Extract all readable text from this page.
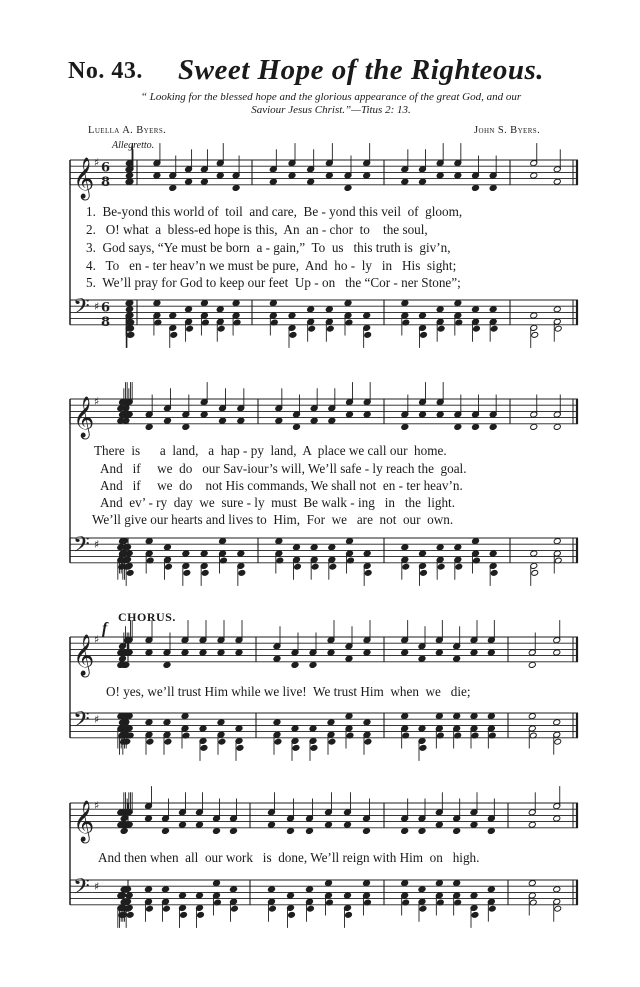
No. 43. Sweet Hope of the Righteous.
“ Looking for the blessed hope and the glorious appearance of the great God, and our
Saviour Jesus Christ.”—Titus 2: 13.
Luella A. Byers.	John S. Byers.
Allegretto.
𝄞 ♯ 6
8
𝄢 ♯ 6
8
𝄞 ♯
𝄢 ♯
𝄞 ♯
𝄢 ♯
𝄞 ♯
𝄢 ♯
1.  Be-yond this world of  toil  and care,  Be - yond this veil  of  gloom,
2.   O! what  a  bless-ed hope is this,  An  an - chor  to    the soul,
3.  God says, “Ye must be born  a - gain,”  To  us   this truth is  giv’n,
4.   To   en - ter heav’n we must be pure,  And  ho -  ly   in   His  sight;
5.  We’ll pray for God to keep our feet  Up - on   the “Cor - ner Stone”;
There  is      a  land,   a  hap - py  land,  A  place we call our  home.
And   if     we  do   our Sav-iour’s will, We’ll safe - ly reach the  goal.
And   if     we  do    not His commands, We shall not  en - ter heav’n.
And  ev’ - ry  day  we  sure - ly  must  Be walk - ing   in   the  light.
We’ll give our hearts and lives to  Him,  For  we   are  not  our  own.
CHORUS.
f
O! yes, we’ll trust Him while we live!  We trust Him  when  we   die;
And then when  all  our work   is  done, We’ll reign with Him  on   high.
